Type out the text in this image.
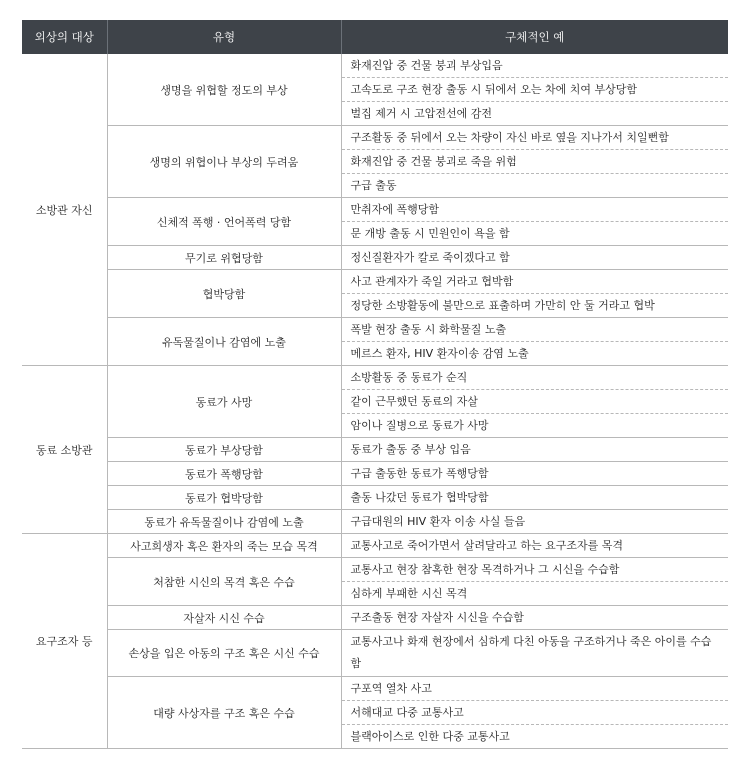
외상의 대상	유형	구체적인 예
소방관 자신	생명을 위협할 정도의 부상	화재진압 중 건물 붕괴 부상입음
		고속도로 구조 현장 출동 시 뒤에서 오는 차에 치여 부상당함
		벌집 제거 시 고압전선에 감전
	생명의 위협이나 부상의 두려움	구조활동 중 뒤에서 오는 차량이 자신 바로 옆을 지나가서 치일뻔함
		화재진압 중 건물 붕괴로 죽을 위험
		구급 출동
	신체적 폭행 · 언어폭력 당함	만취자에 폭행당함
		문 개방 출동 시 민원인이 욕을 함
	무기로 위협당함	정신질환자가 칼로 죽이겠다고 함
	협박당함	사고 관계자가 죽일 거라고 협박함
		정당한 소방활동에 불만으로 표출하며 가만히 안 둘 거라고 협박
	유독물질이나 감염에 노출	폭발 현장 출동 시 화학물질 노출
		메르스 환자, HIV 환자이송 감염 노출
동료 소방관	동료가 사망	소방활동 중 동료가 순직
		같이 근무했던 동료의 자살
		암이나 질병으로 동료가 사망
	동료가 부상당함	동료가 출동 중 부상 입음
	동료가 폭행당함	구급 출동한 동료가 폭행당함
	동료가 협박당함	출동 나갔던 동료가 협박당함
	동료가 유독물질이나 감염에 노출	구급대원의 HIV 환자 이송 사실 들음
요구조자 등	사고희생자 혹은 환자의 죽는 모습 목격	교통사고로 죽어가면서 살려달라고 하는 요구조자를 목격
	처참한 시신의 목격 혹은 수습	교통사고 현장 참혹한 현장 목격하거나 그 시신을 수습함
		심하게 부패한 시신 목격
	자살자 시신 수습	구조출동 현장 자살자 시신을 수습함
	손상을 입은 아동의 구조 혹은 시신 수습	교통사고나 화재 현장에서 심하게 다친 아동을 구조하거나 죽은 아이를 수습함
	대량 사상자를 구조 혹은 수습	구포역 열차 사고
		서해대교 다중 교통사고
		블랙아이스로 인한 다중 교통사고
